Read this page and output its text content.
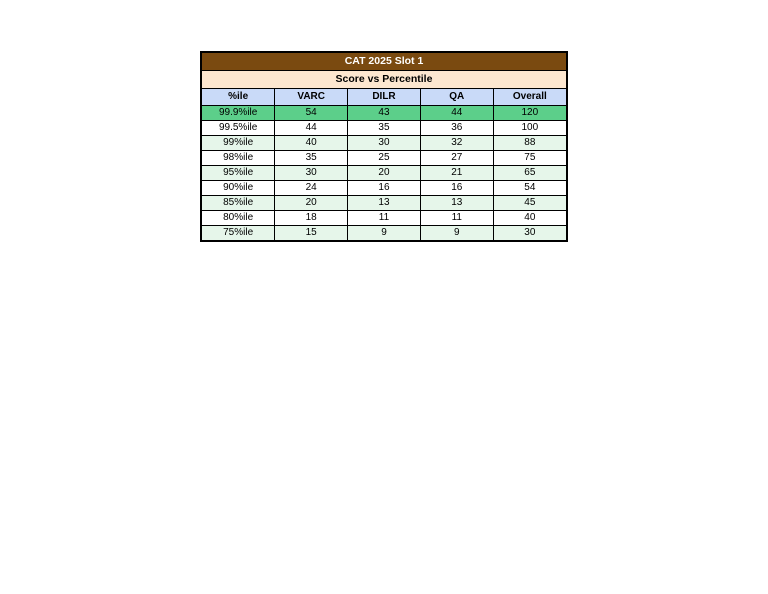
CAT 2025 Slot 1
Score vs Percentile
%ile	VARC	DILR	QA	Overall
99.9%ile	54	43	44	120
99.5%ile	44	35	36	100
99%ile	40	30	32	88
98%ile	35	25	27	75
95%ile	30	20	21	65
90%ile	24	16	16	54
85%ile	20	13	13	45
80%ile	18	11	11	40
75%ile	15	9	9	30
